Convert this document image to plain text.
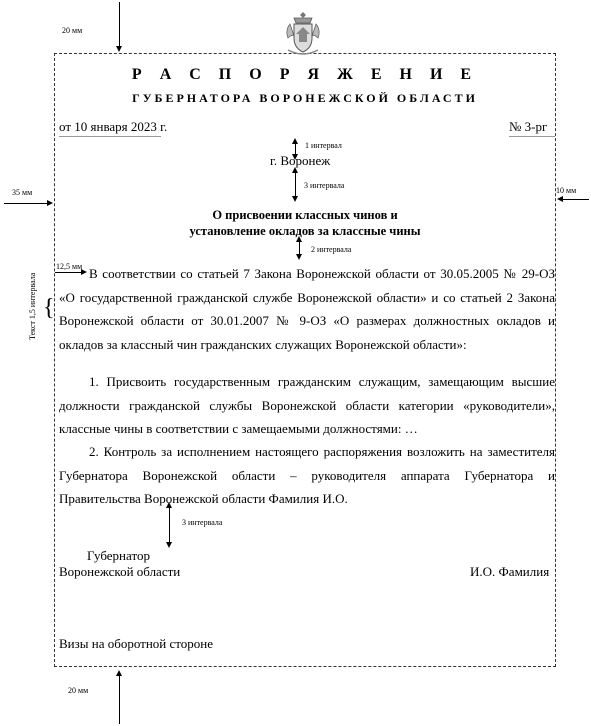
20 мм
35 мм	10 мм
20 мм
Р А С П О Р Я Ж Е Н И Е
ГУБЕРНАТОРА ВОРОНЕЖСКОЙ ОБЛАСТИ
от 10 января 2023 г.	№ 3-рг
1 интервал
г. Воронеж
3 интервала
О присвоении классных чинов и
установление окладов за классные чины
2 интервала
12,5 мм
Текст 1,5 интервала {
В соответствии со статьей 7 Закона Воронежской области от 30.05.2005 № 29-ОЗ «О государственной гражданской службе Воронежской области» и со статьей 2 Закона Воронежской области от 30.01.2007 № 9-ОЗ «О размерах должностных окладов и окладов за классный чин гражданских служащих Воронежской области»:
1. Присвоить государственным гражданским служащим, замещающим высшие должности гражданской службы Воронежской области категории «руководители», классные чины в соответствии с замещаемыми должностями: …
2. Контроль за исполнением настоящего распоряжения возложить на заместителя Губернатора Воронежской области – руководителя аппарата Губернатора и Правительства Воронежской области Фамилия И.О.
3 интервала
Губернатор
Воронежской области	И.О. Фамилия
Визы на оборотной стороне
